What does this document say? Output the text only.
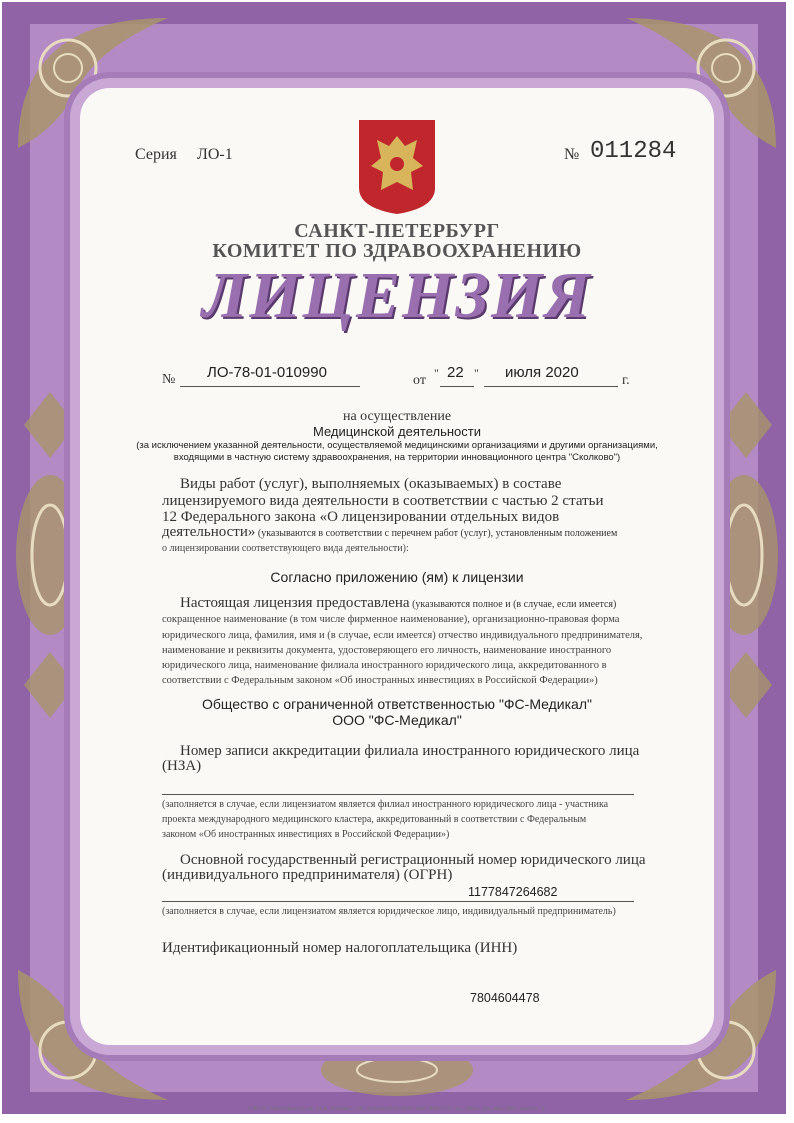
Серия ЛО-1	№ 011284
САНКТ-ПЕТЕРБУРГ
КОМИТЕТ ПО ЗДРАВООХРАНЕНИЮ
ЛИЦЕНЗИЯ
№ ЛО-78-01-010990	от " 22 " июля 2020	г.
на осуществление
Медицинской деятельности
(за исключением указанной деятельности, осуществляемой медицинскими организациями и другими организациями,
входящими в частную систему здравоохранения, на территории инновационного центра "Сколково")
Виды работ (услуг), выполняемых (оказываемых) в составе
лицензируемого вида деятельности в соответствии с частью 2 статьи
12 Федерального закона «О лицензировании отдельных видов
деятельности» (указываются в соответствии с перечнем работ (услуг), установленным положением
о лицензировании соответствующего вида деятельности):
Согласно приложению (ям) к лицензии
Настоящая лицензия предоставлена (указываются полное и (в случае, если имеется)
сокращенное наименование (в том числе фирменное наименование), организационно-правовая форма
юридического лица, фамилия, имя и (в случае, если имеется) отчество индивидуального предпринимателя,
наименование и реквизиты документа, удостоверяющего его личность, наименование иностранного
юридического лица, наименование филиала иностранного юридического лица, аккредитованного в
соответствии с Федеральным законом «Об иностранных инвестициях в Российской Федерации»)
Общество с ограниченной ответственностью "ФС-Медикал"
ООО "ФС-Медикал"
Номер записи аккредитации филиала иностранного юридического лица
(НЗА)
(заполняется в случае, если лицензиатом является филиал иностранного юридического лица - участника
проекта международного медицинского кластера, аккредитованный в соответствии с Федеральным
законом «Об иностранных инвестициях в Российской Федерации»)
Основной государственный регистрационный номер юридического лица
(индивидуального предпринимателя) (ОГРН)
1177847264682
(заполняется в случае, если лицензиатом является юридическое лицо, индивидуальный предприниматель)
Идентификационный номер налогоплательщика (ИНН)
7804604478
© ФГУП "Типография №12 им. М. И. Лоханова", СПб. Лицензия 05-05-09/19. ИНН 7809017747. Зак. 200201. Тир. 2000. 2020 г. Уровень "Б"
